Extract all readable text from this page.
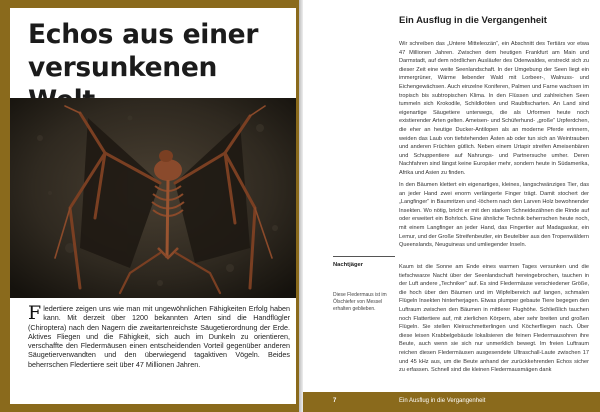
Echos aus einer
versunkenen

Fledertiere zeigen uns wie man mit ungewöhnlichen Fähigkeiten Erfolg haben kann. Mit derzeit über 1200 bekannten Arten sind die Handflügler (Chiroptera) nach den Nagern die zweitartenreichste Säugetierordnung der Erde. Aktives Fliegen und die Fähigkeit, sich auch im Dunkeln zu orientieren, verschaffte den Fledermäusen einen entscheidenden Vorteil gegenüber anderen Säugetierverwandten und den überwiegend tagaktiven Vögeln. Beides beherrschen Fledertiere seit über 47 Millionen Jahren.

Ein Ausflug in die Vergangenheit

Wir schreiben das „Untere Mitteleozän“, ein Abschnitt des Tertiärs vor etwa 47 Millionen Jahren. Zwischen dem heutigen Frankfurt am Main und Darmstadt, auf dem nördlichen Ausläufer des Odenwaldes, erstreckt sich zu dieser Zeit eine weite Seenlandschaft. In der Umgebung der Seen liegt ein immergrüner, Wärme liebender Wald mit Lorbeer-, Walnuss- und Eichengewächsen. Auch einzelne Koniferen, Palmen und Farne wachsen im tropisch bis subtropischen Klima. In den Flüssen und zahlreichen Seen tummeln sich Krokodile, Schildkröten und Raubfischarten. An Land sind eigenartige Säugetiere unterwegs, die als Urformen heute noch existierender Arten gelten. Ameisen- und Schüferhund- „große“ Urpferdchen, die eher an heutige Ducker-Antilopen als an moderne Pferde erinnern, weiden das Laub von tiefstehenden Ästen ab oder tun sich an Weintrauben und anderen Früchten gütlich. Neben einem Urtapir streifen Ameisenbären und Schuppentiere auf Nahrungs- und Partnersuche umher. Deren Nachfahren sind längst keine Europäer mehr, sondern heute in Südamerika, Afrika und Asien zu finden.

In den Bäumen klettert ein eigenartiges, kleines, langschwänziges Tier, das an jeder Hand zwei enorm verlängerte Finger trägt. Damit stochert der „Langfinger“ in Baumritzen und -löchern nach den Larven Holz bewohnender Insekten. Wo nötig, bricht er mit den starken Schneidezähnen die Rinde auf oder erweitert ein Bohrloch. Eine ähnliche Technik beherrschen heute noch, mit einem Langfinger an jeder Hand, das Fingertier auf Madagaskar, ein Lemur, und der Große Streifenbeutler, ein Beutelbier aus den Tropenwäldern Queenslands, Neuguineas und umliegender Inseln.

Nachtjäger

Diese Fledermaus ist im Ölschiefer von Messel erhalten geblieben.

Kaum ist die Sonne am Ende eines warmen Tages versunken und die tiefschwarze Nacht über der Seenlandschaft hereingebrochen, tauchen in der Luft andere „Techniker“ auf. Es sind Fledermäuse verschiedener Größe, die hoch über den Bäumen und im Wipfelbereich auf langen, schmalen Flügeln Insekten hinterherjagen. Etwas plumper gebaute Tiere begegen den Luftraum zwischen den Bäumen in mittlerer Flughöhe. Schließlich tauchen noch Flattertiere auf, mit zierlichen Körpern, aber sehr breiten und großen Flügeln. Sie stellen Kleinschmetterlingen und Köcherfliegen nach. Über diese leisen Krabbelgebäude lokalisieren die feinen Fledermausohren ihre Beute, auch wenn sie sich nur unmerklich bewegt. Im freien Luftraum reichen diesen Fledermäusen ausgesendete Ultraschall-Laute zwischen 17 und 45 kHz aus, um die Beute anhand der zurückkehrenden Echos sicher zu erfassen. Schnell sind die kleinen Fledermausmägen dank

7	Ein Ausflug in die Vergangenheit
